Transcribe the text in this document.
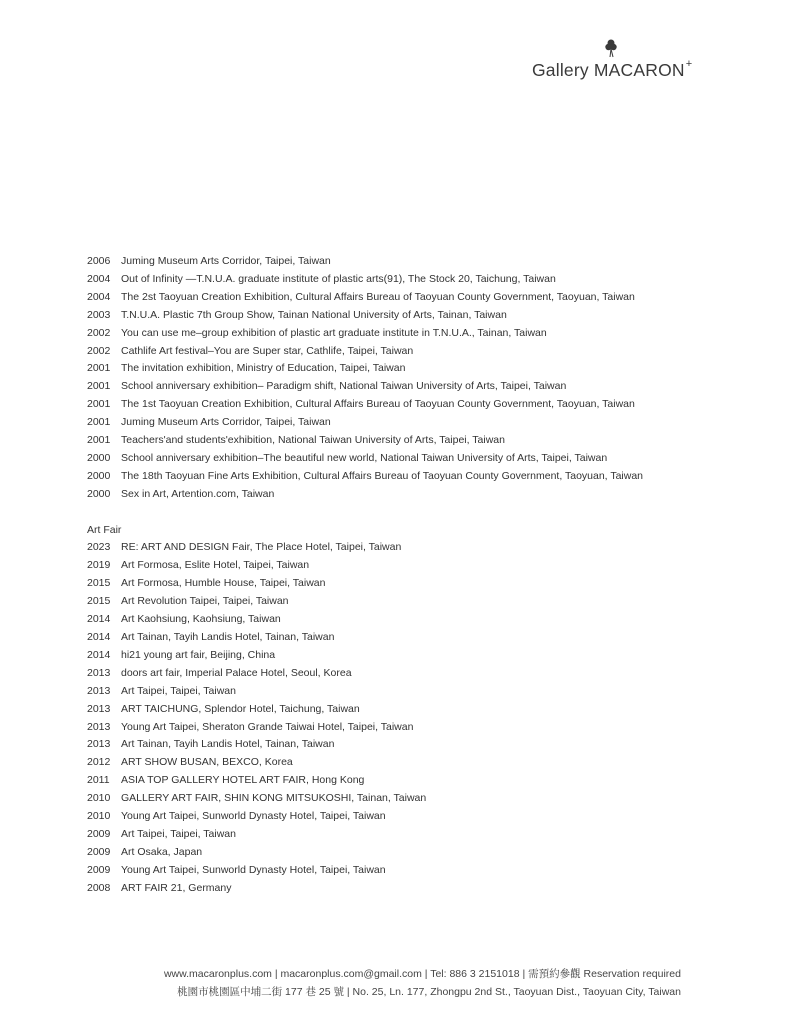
Gallery MACARON+
2006	Juming Museum Arts Corridor, Taipei, Taiwan
2004	Out of Infinity —T.N.U.A. graduate institute of plastic arts(91), The Stock 20, Taichung, Taiwan
2004	The 2st Taoyuan Creation Exhibition, Cultural Affairs Bureau of Taoyuan County Government, Taoyuan, Taiwan
2003	T.N.U.A. Plastic 7th Group Show, Tainan National University of Arts, Tainan, Taiwan
2002	You can use me–group exhibition of plastic art graduate institute in T.N.U.A., Tainan, Taiwan
2002	Cathlife Art festival–You are Super star, Cathlife, Taipei, Taiwan
2001	The invitation exhibition, Ministry of Education, Taipei, Taiwan
2001	School anniversary exhibition– Paradigm shift, National Taiwan University of Arts, Taipei, Taiwan
2001	The 1st Taoyuan Creation Exhibition, Cultural Affairs Bureau of Taoyuan County Government, Taoyuan, Taiwan
2001	Juming Museum Arts Corridor, Taipei, Taiwan
2001	Teachers'and students'exhibition, National Taiwan University of Arts, Taipei, Taiwan
2000	School anniversary exhibition–The beautiful new world, National Taiwan University of Arts, Taipei, Taiwan
2000	The 18th Taoyuan Fine Arts Exhibition, Cultural Affairs Bureau of Taoyuan County Government, Taoyuan, Taiwan
2000	Sex in Art, Artention.com, Taiwan
Art Fair
2023	RE: ART AND DESIGN Fair, The Place Hotel, Taipei, Taiwan
2019	Art Formosa, Eslite Hotel, Taipei, Taiwan
2015	Art Formosa, Humble House, Taipei, Taiwan
2015	Art Revolution Taipei, Taipei, Taiwan
2014	Art Kaohsiung, Kaohsiung, Taiwan
2014	Art Tainan, Tayih Landis Hotel, Tainan, Taiwan
2014	hi21 young art fair, Beijing, China
2013	doors art fair, Imperial Palace Hotel, Seoul, Korea
2013	Art Taipei, Taipei, Taiwan
2013	ART TAICHUNG, Splendor Hotel, Taichung, Taiwan
2013	Young Art Taipei, Sheraton Grande Taiwai Hotel, Taipei, Taiwan
2013	Art Tainan, Tayih Landis Hotel, Tainan, Taiwan
2012	ART SHOW BUSAN, BEXCO, Korea
2011	ASIA TOP GALLERY HOTEL ART FAIR, Hong Kong
2010	GALLERY ART FAIR, SHIN KONG MITSUKOSHI, Tainan, Taiwan
2010	Young Art Taipei, Sunworld Dynasty Hotel, Taipei, Taiwan
2009	Art Taipei, Taipei, Taiwan
2009	Art Osaka, Japan
2009	Young Art Taipei, Sunworld Dynasty Hotel, Taipei, Taiwan
2008	ART FAIR 21, Germany
www.macaronplus.com | macaronplus.com@gmail.com | Tel: 886 3 2151018 | 需預約參觀 Reservation required
桃園市桃園區中埔二街 177 巷 25 號 | No. 25, Ln. 177, Zhongpu 2nd St., Taoyuan Dist., Taoyuan City, Taiwan
